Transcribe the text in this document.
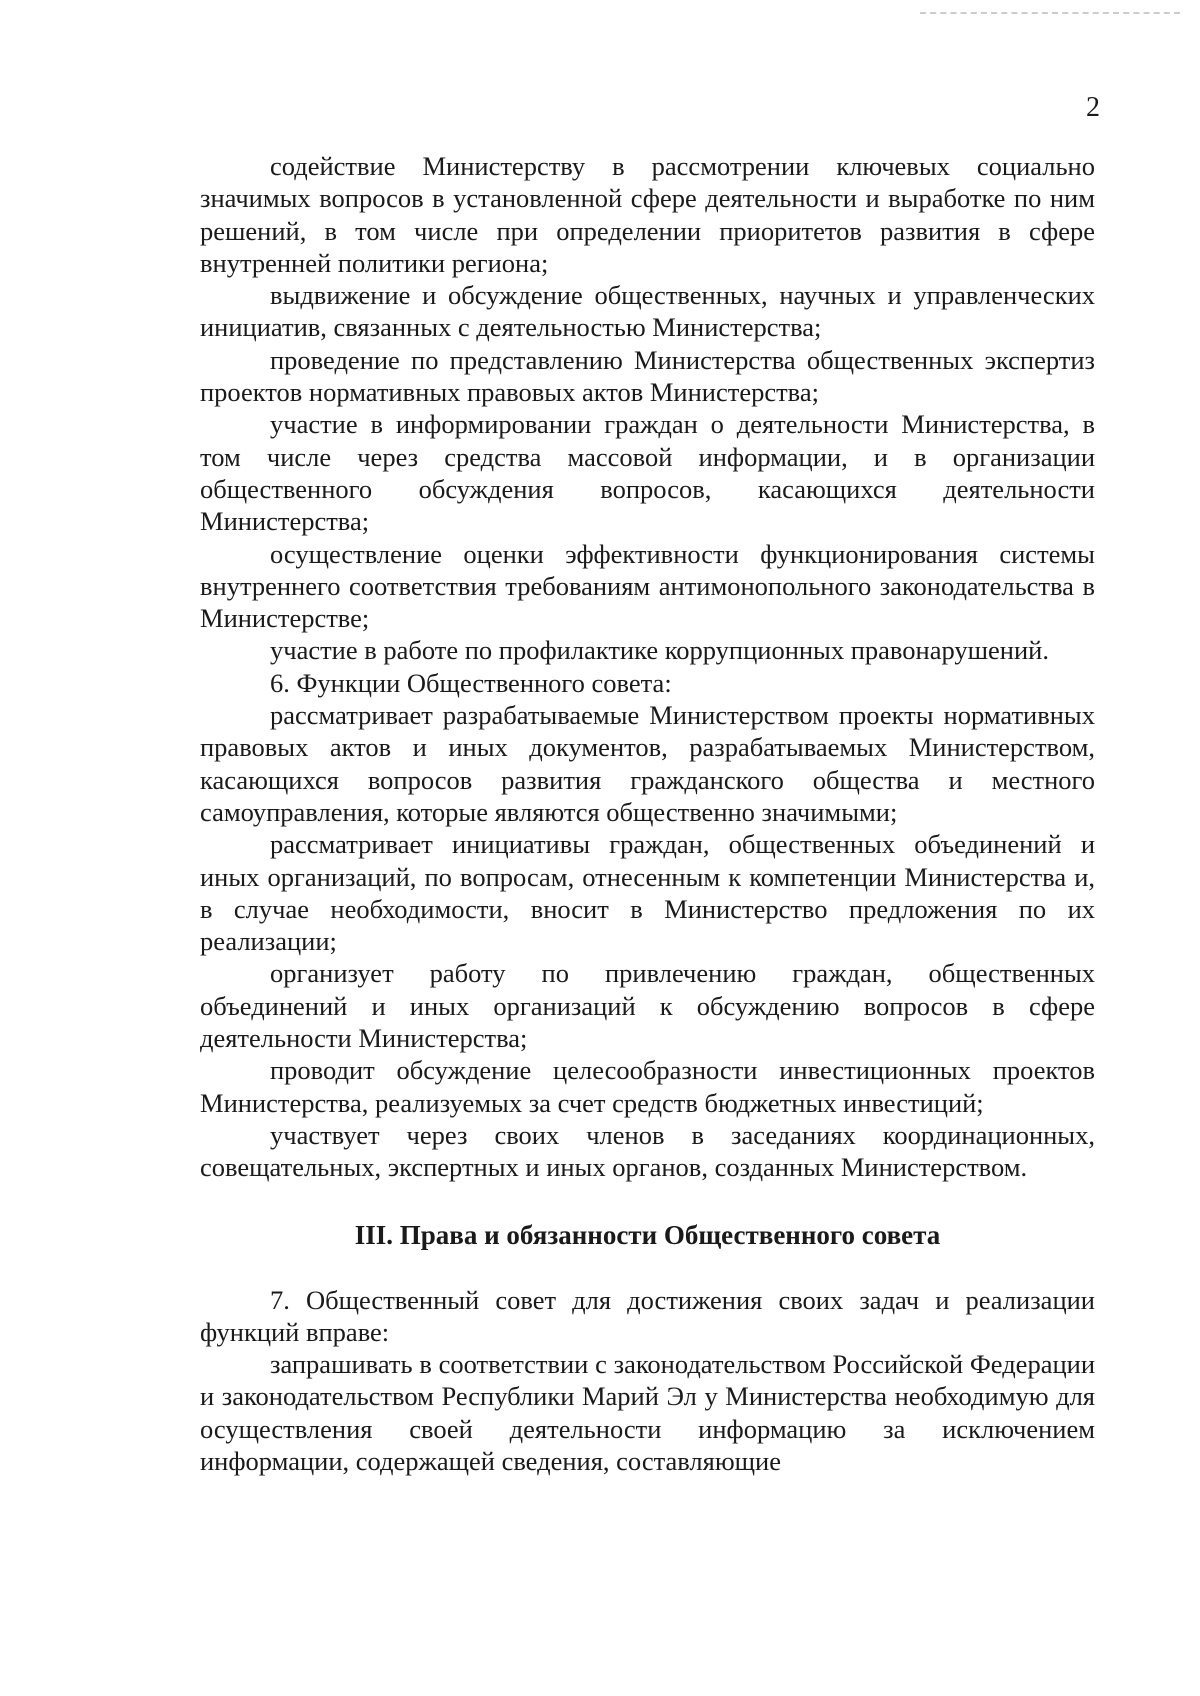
2

содействие Министерству в рассмотрении ключевых социально значимых вопросов в установленной сфере деятельности и выработке по ним решений, в том числе при определении приоритетов развития в сфере внутренней политики региона;

выдвижение и обсуждение общественных, научных и управленческих инициатив, связанных с деятельностью Министерства;

проведение по представлению Министерства общественных экспертиз проектов нормативных правовых актов Министерства;

участие в информировании граждан о деятельности Министерства, в том числе через средства массовой информации, и в организации общественного обсуждения вопросов, касающихся деятельности Министерства;

осуществление оценки эффективности функционирования системы внутреннего соответствия требованиям антимонопольного законодательства в Министерстве;

участие в работе по профилактике коррупционных правонарушений.

6. Функции Общественного совета:

рассматривает разрабатываемые Министерством проекты нормативных правовых актов и иных документов, разрабатываемых Министерством, касающихся вопросов развития гражданского общества и местного самоуправления, которые являются общественно значимыми;

рассматривает инициативы граждан, общественных объединений и иных организаций, по вопросам, отнесенным к компетенции Министерства и, в случае необходимости, вносит в Министерство предложения по их реализации;

организует работу по привлечению граждан, общественных объединений и иных организаций к обсуждению вопросов в сфере деятельности Министерства;

проводит обсуждение целесообразности инвестиционных проектов Министерства, реализуемых за счет средств бюджетных инвестиций;

участвует через своих членов в заседаниях координационных, совещательных, экспертных и иных органов, созданных Министерством.

III. Права и обязанности Общественного совета

7. Общественный совет для достижения своих задач и реализации функций вправе:

запрашивать в соответствии с законодательством Российской Федерации и законодательством Республики Марий Эл у Министерства необходимую для осуществления своей деятельности информацию за исключением информации, содержащей сведения, составляющие
